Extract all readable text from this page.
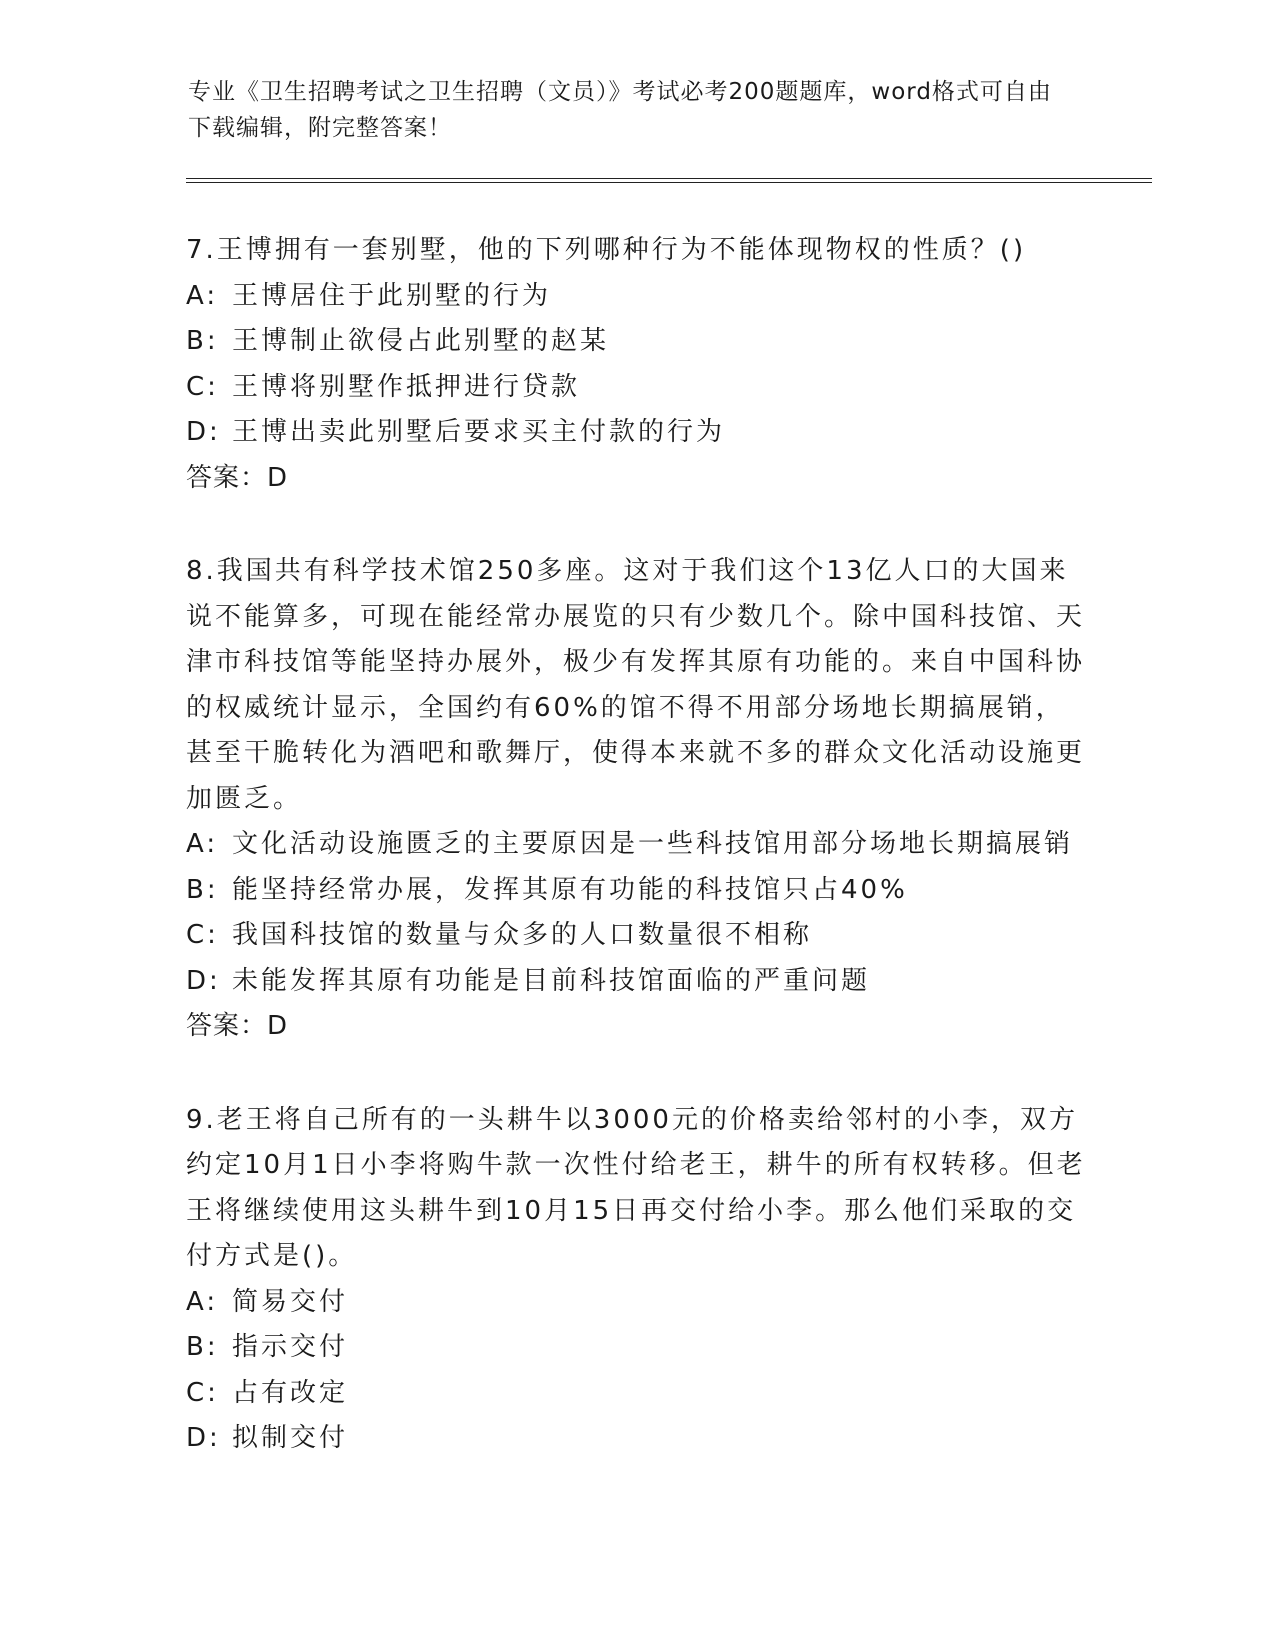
专业《卫生招聘考试之卫生招聘（文员）》考试必考200题题库，word格式可自由下载编辑，附完整答案！

7.王博拥有一套别墅，他的下列哪种行为不能体现物权的性质？()

A: 王博居住于此别墅的行为

B: 王博制止欲侵占此别墅的赵某

C: 王博将别墅作抵押进行贷款

D: 王博出卖此别墅后要求买主付款的行为

答案：D

8.我国共有科学技术馆250多座。这对于我们这个13亿人口的大国来说不能算多，可现在能经常办展览的只有少数几个。除中国科技馆、天津市科技馆等能坚持办展外，极少有发挥其原有功能的。来自中国科协的权威统计显示，全国约有60%的馆不得不用部分场地长期搞展销，甚至干脆转化为酒吧和歌舞厅，使得本来就不多的群众文化活动设施更加匮乏。

A: 文化活动设施匮乏的主要原因是一些科技馆用部分场地长期搞展销

B: 能坚持经常办展，发挥其原有功能的科技馆只占40%

C: 我国科技馆的数量与众多的人口数量很不相称

D: 未能发挥其原有功能是目前科技馆面临的严重问题

答案：D

9.老王将自己所有的一头耕牛以3000元的价格卖给邻村的小李，双方约定10月1日小李将购牛款一次性付给老王，耕牛的所有权转移。但老王将继续使用这头耕牛到10月15日再交付给小李。那么他们采取的交付方式是()。

A: 简易交付

B: 指示交付

C: 占有改定

D: 拟制交付
